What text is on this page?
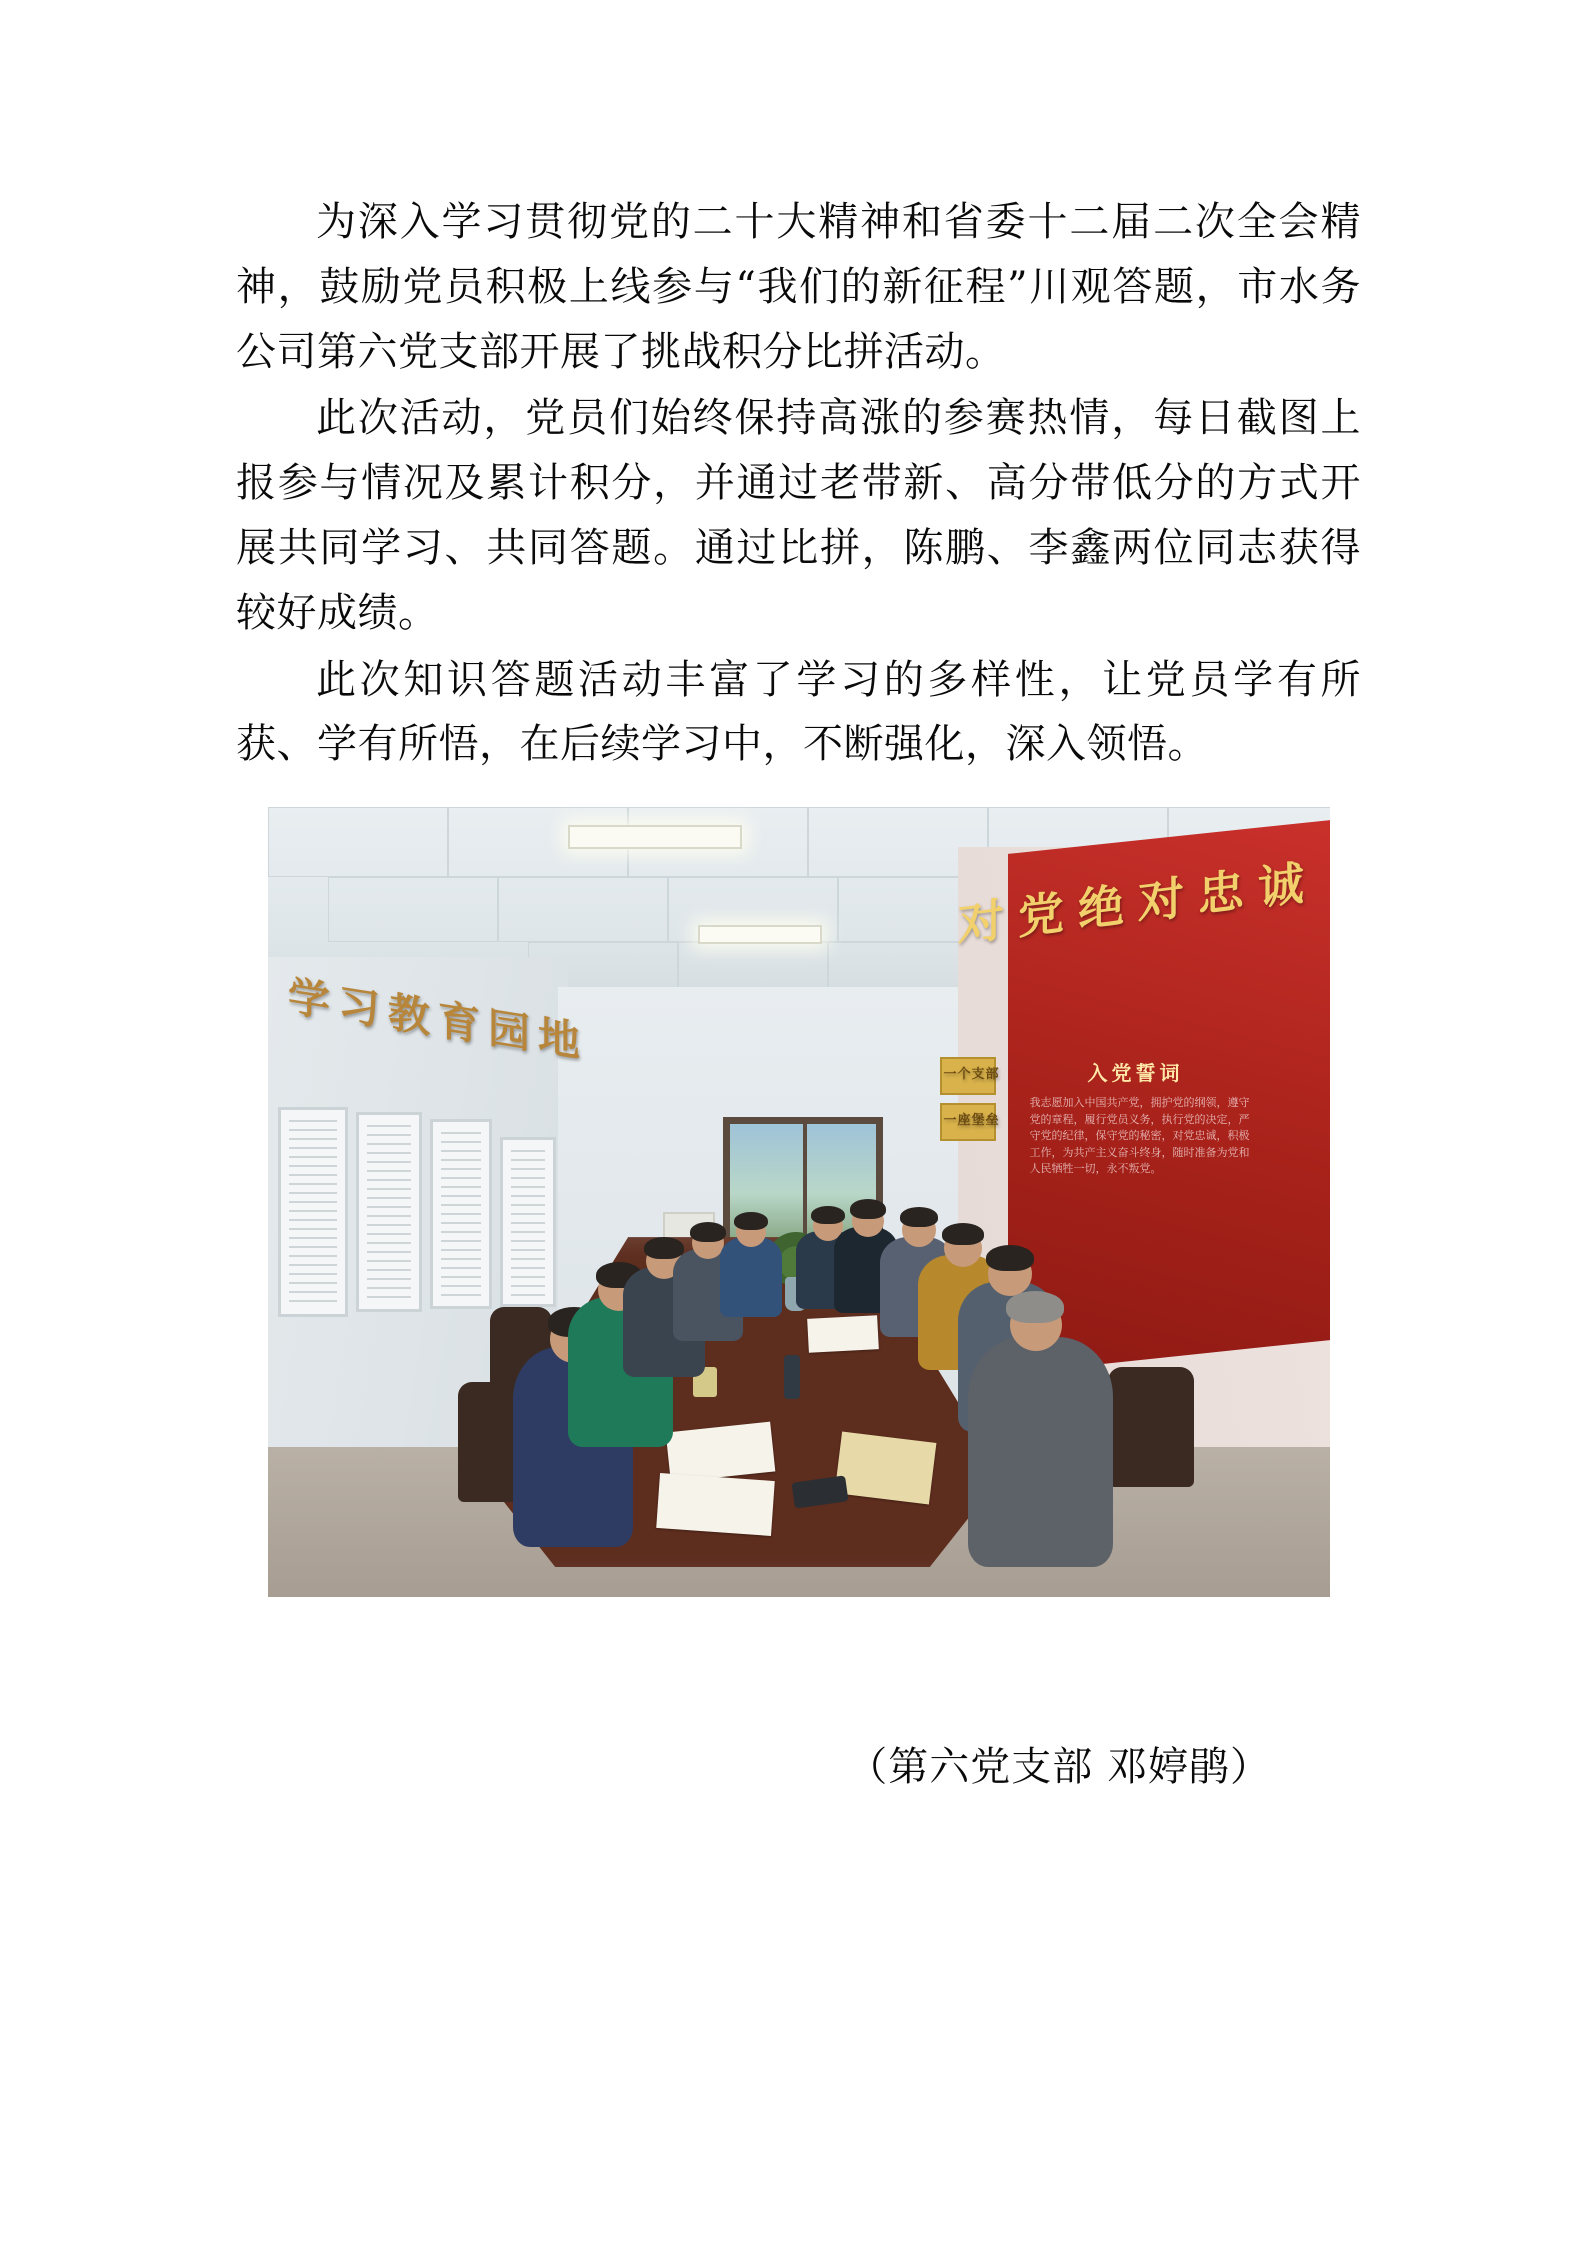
为深入学习贯彻党的二十大精神和省委十二届二次全会精神，鼓励党员积极上线参与“我们的新征程”川观答题，市水务公司第六党支部开展了挑战积分比拼活动。

此次活动，党员们始终保持高涨的参赛热情，每日截图上报参与情况及累计积分，并通过老带新、高分带低分的方式开展共同学习、共同答题。通过比拼，陈鹏、李鑫两位同志获得较好成绩。

此次知识答题活动丰富了学习的多样性，让党员学有所获、学有所悟，在后续学习中，不断强化，深入领悟。

学习教育园地
对党绝对忠诚
入党誓词
我志愿加入中国共产党，拥护党的纲领，遵守党的章程，履行党员义务，执行党的决定，严守党的纪律，保守党的秘密，对党忠诚，积极工作，为共产主义奋斗终身，随时准备为党和人民牺牲一切，永不叛党。
一个支部
一座堡垒
（第六党支部 邓婷鹃）
